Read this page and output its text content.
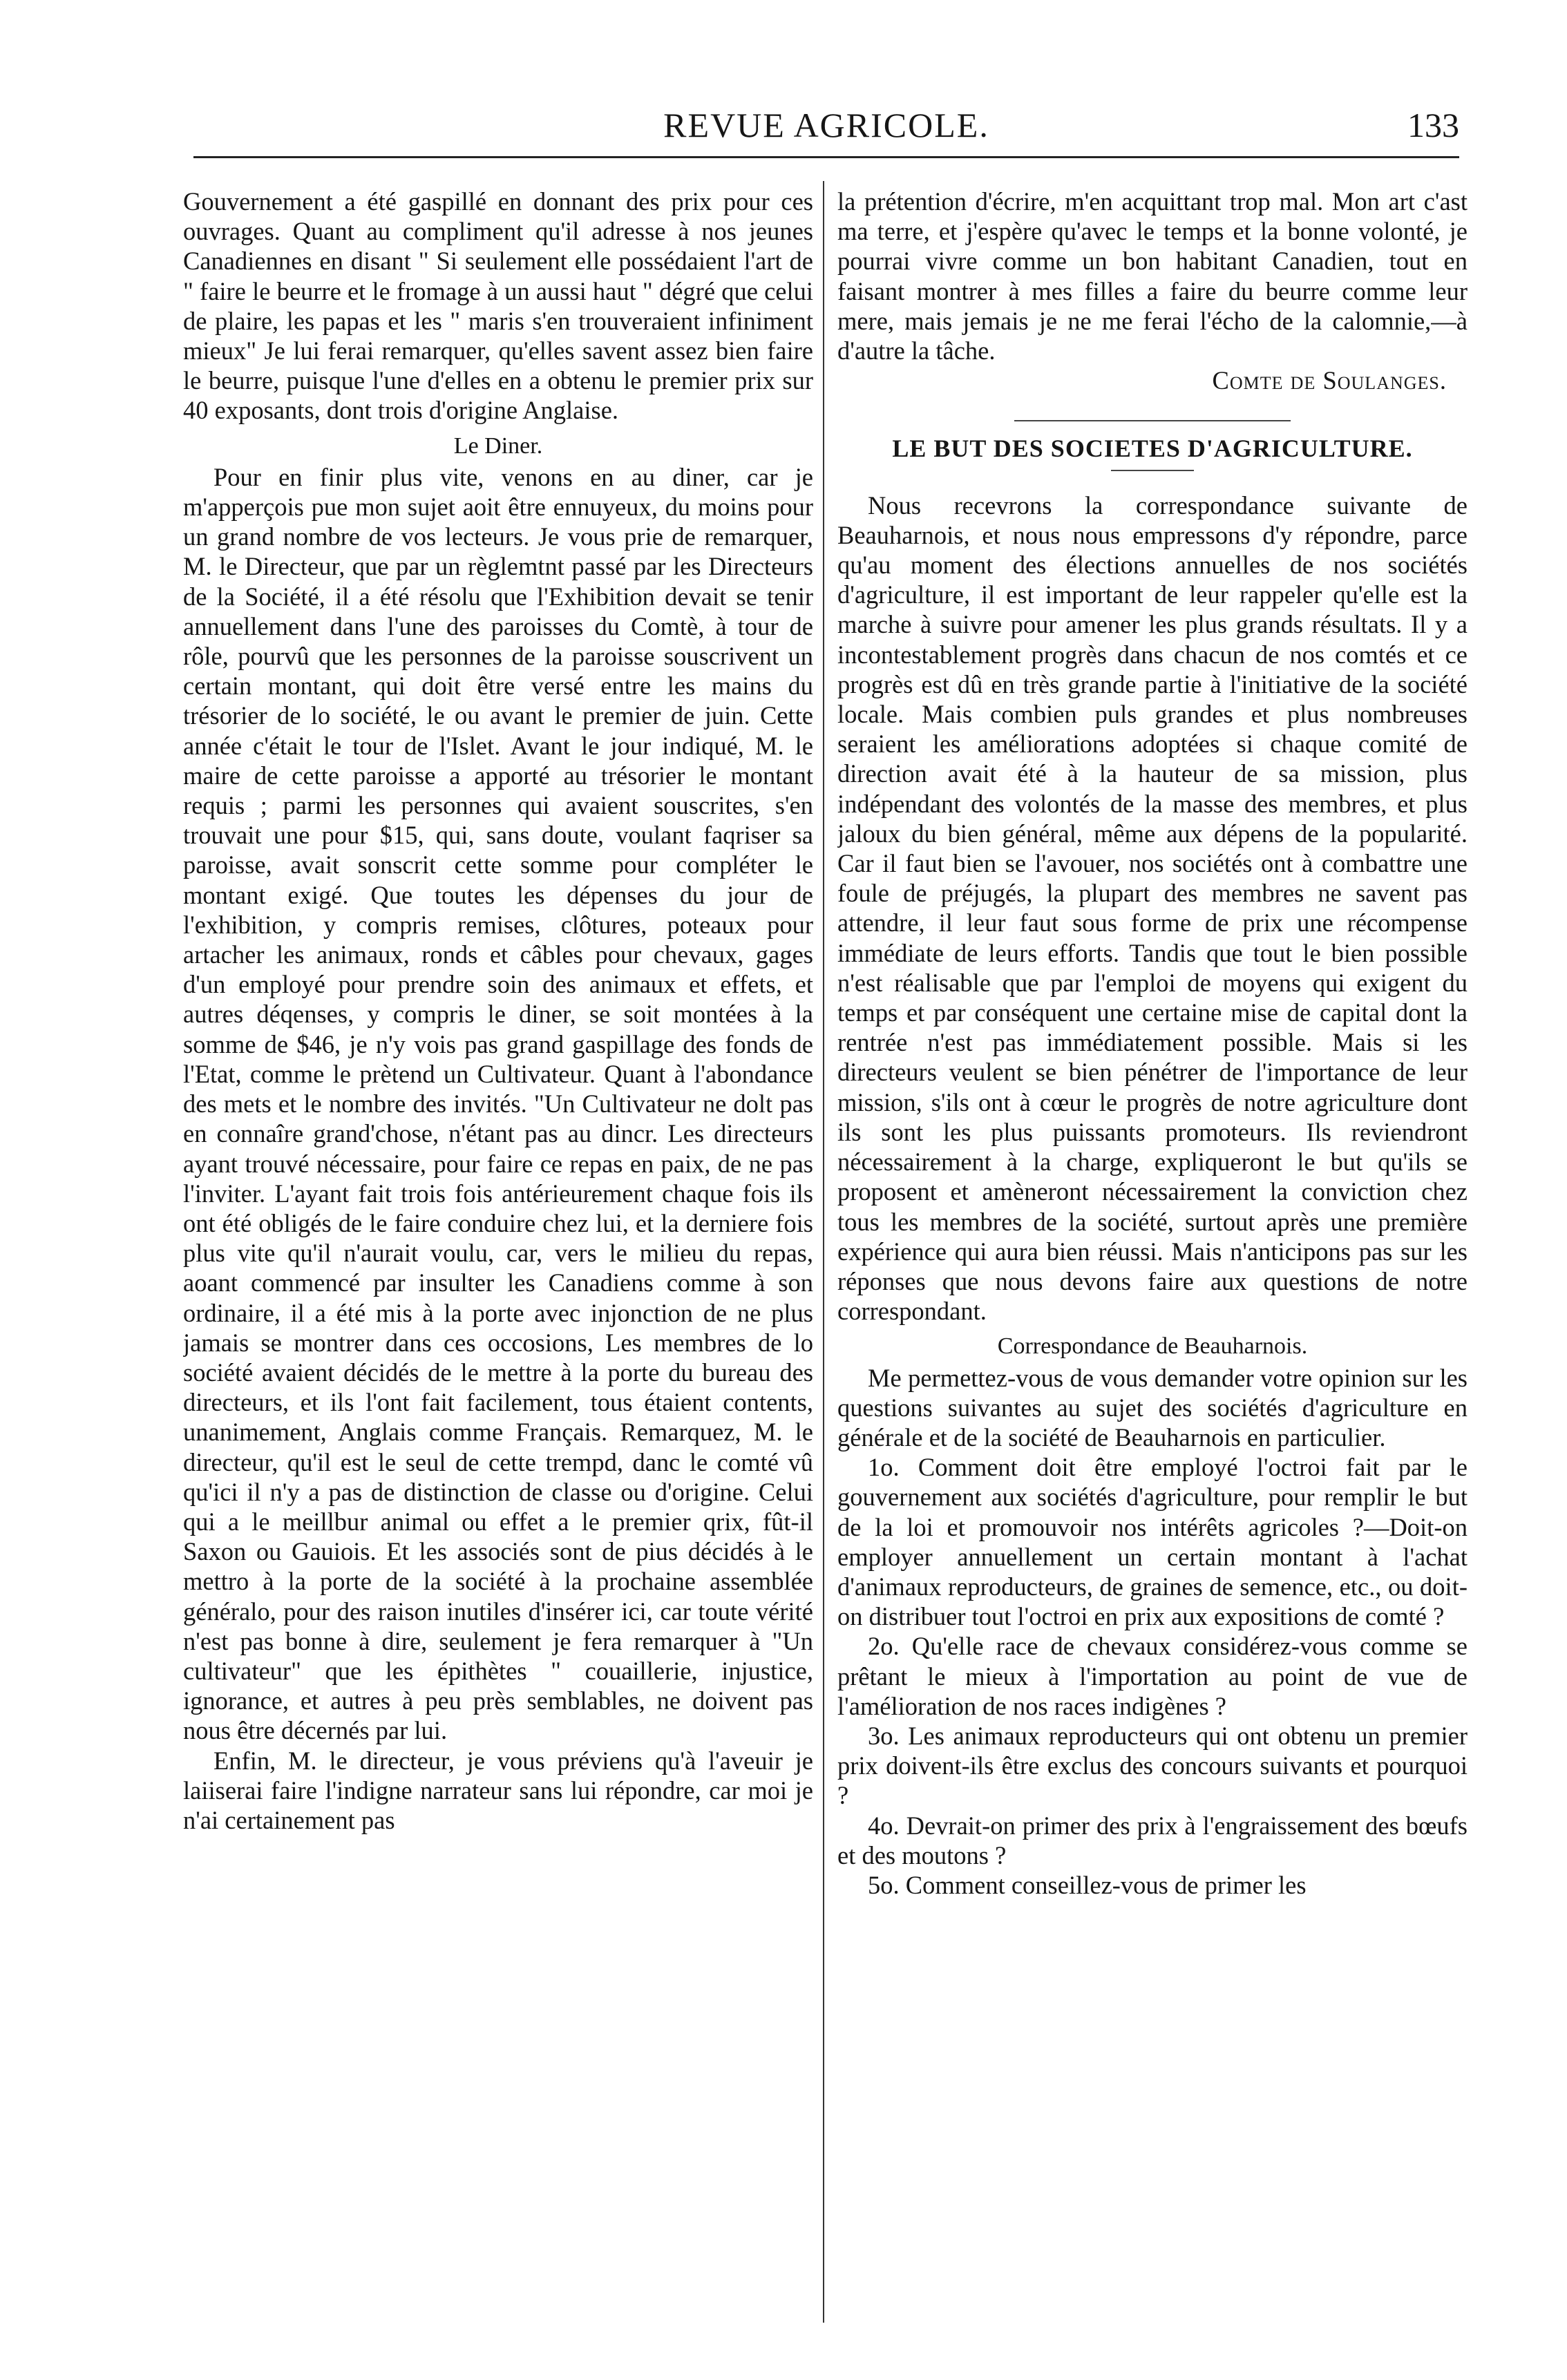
REVUE AGRICOLE.	133

Gouvernement a été gaspillé en donnant des prix pour ces ouvrages. Quant au compliment qu'il adresse à nos jeunes Canadiennes en disant " Si seulement elle possédaient l'art de " faire le beurre et le fromage à un aussi haut " dégré que celui de plaire, les papas et les " maris s'en trouveraient infiniment mieux" Je lui ferai remarquer, qu'elles savent assez bien faire le beurre, puisque l'une d'elles en a obtenu le premier prix sur 40 exposants, dont trois d'origine Anglaise.

Le Diner.

Pour en finir plus vite, venons en au diner, car je m'apperçois pue mon sujet aoit être ennuyeux, du moins pour un grand nombre de vos lecteurs. Je vous prie de remarquer, M. le Directeur, que par un règlemtnt passé par les Directeurs de la Société, il a été résolu que l'Exhibition devait se tenir annuellement dans l'une des paroisses du Comtè, à tour de rôle, pourvû que les personnes de la paroisse souscrivent un certain montant, qui doit être versé entre les mains du trésorier de lo société, le ou avant le premier de juin. Cette année c'était le tour de l'Islet. Avant le jour indiqué, M. le maire de cette paroisse a apporté au trésorier le montant requis ; parmi les personnes qui avaient souscrites, s'en trouvait une pour $15, qui, sans doute, voulant faqriser sa paroisse, avait sonscrit cette somme pour compléter le montant exigé. Que toutes les dépenses du jour de l'exhibition, y compris remises, clôtures, poteaux pour artacher les animaux, ronds et câbles pour chevaux, gages d'un employé pour prendre soin des animaux et effets, et autres déqenses, y compris le diner, se soit montées à la somme de $46, je n'y vois pas grand gaspillage des fonds de l'Etat, comme le prètend un Cultivateur. Quant à l'abondance des mets et le nombre des invités. "Un Cultivateur ne dolt pas en connaîre grand'chose, n'étant pas au dincr. Les directeurs ayant trouvé nécessaire, pour faire ce repas en paix, de ne pas l'inviter. L'ayant fait trois fois antérieurement chaque fois ils ont été obligés de le faire conduire chez lui, et la derniere fois plus vite qu'il n'aurait voulu, car, vers le milieu du repas, aoant commencé par insulter les Canadiens comme à son ordinaire, il a été mis à la porte avec injonction de ne plus jamais se montrer dans ces occosions, Les membres de lo société avaient décidés de le mettre à la porte du bureau des directeurs, et ils l'ont fait facilement, tous étaient contents, unanimement, Anglais comme Français. Remarquez, M. le directeur, qu'il est le seul de cette trempd, danc le comté vû qu'ici il n'y a pas de distinction de classe ou d'origine. Celui qui a le meillbur animal ou effet a le premier qrix, fût-il Saxon ou Gauiois. Et les associés sont de pius décidés à le mettro à la porte de la société à la prochaine assemblée généralo, pour des raison inutiles d'insérer ici, car toute vérité n'est pas bonne à dire, seulement je fera remarquer à "Un cultivateur" que les épithètes " couaillerie, injustice, ignorance, et autres à peu près semblables, ne doivent pas nous être décernés par lui.

Enfin, M. le directeur, je vous préviens qu'à l'aveuir je laiiserai faire l'indigne narrateur sans lui répondre, car moi je n'ai certainement pas

la prétention d'écrire, m'en acquittant trop mal. Mon art c'ast ma terre, et j'espère qu'avec le temps et la bonne volonté, je pourrai vivre comme un bon habitant Canadien, tout en faisant montrer à mes filles a faire du beurre comme leur mere, mais jemais je ne me ferai l'écho de la calomnie,—à d'autre la tâche.

Comte de Soulanges.
LE BUT DES SOCIETES D'AGRICULTURE.

Nous recevrons la correspondance suivante de Beauharnois, et nous nous empressons d'y répondre, parce qu'au moment des élections annuelles de nos sociétés d'agriculture, il est important de leur rappeler qu'elle est la marche à suivre pour amener les plus grands résultats. Il y a incontestablement progrès dans chacun de nos comtés et ce progrès est dû en très grande partie à l'initiative de la société locale. Mais combien puls grandes et plus nombreuses seraient les améliorations adoptées si chaque comité de direction avait été à la hauteur de sa mission, plus indépendant des volontés de la masse des membres, et plus jaloux du bien général, même aux dépens de la popularité. Car il faut bien se l'avouer, nos sociétés ont à combattre une foule de préjugés, la plupart des membres ne savent pas attendre, il leur faut sous forme de prix une récompense immédiate de leurs efforts. Tandis que tout le bien possible n'est réalisable que par l'emploi de moyens qui exigent du temps et par conséquent une certaine mise de capital dont la rentrée n'est pas immédiatement possible. Mais si les directeurs veulent se bien pénétrer de l'importance de leur mission, s'ils ont à cœur le progrès de notre agriculture dont ils sont les plus puissants promoteurs. Ils reviendront nécessairement à la charge, expliqueront le but qu'ils se proposent et amèneront nécessairement la conviction chez tous les membres de la société, surtout après une première expérience qui aura bien réussi. Mais n'anticipons pas sur les réponses que nous devons faire aux questions de notre correspondant.

Correspondance de Beauharnois.

Me permettez-vous de vous demander votre opinion sur les questions suivantes au sujet des sociétés d'agriculture en générale et de la société de Beauharnois en particulier.

1o. Comment doit être employé l'octroi fait par le gouvernement aux sociétés d'agriculture, pour remplir le but de la loi et promouvoir nos intérêts agricoles ?—Doit-on employer annuellement un certain montant à l'achat d'animaux reproducteurs, de graines de semence, etc., ou doit-on distribuer tout l'octroi en prix aux expositions de comté ?

2o. Qu'elle race de chevaux considérez-vous comme se prêtant le mieux à l'importation au point de vue de l'amélioration de nos races indigènes ?

3o. Les animaux reproducteurs qui ont obtenu un premier prix doivent-ils être exclus des concours suivants et pourquoi ?

4o. Devrait-on primer des prix à l'engraissement des bœufs et des moutons ?

5o. Comment conseillez-vous de primer les
